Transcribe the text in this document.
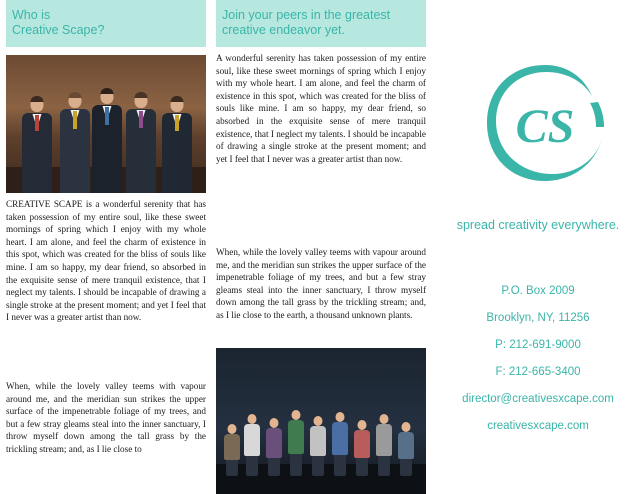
Who is
Creative Scape?
CREATIVE SCAPE is a wonderful serenity that has taken possession of my entire soul, like these sweet mornings of spring which I enjoy with my whole heart. I am alone, and feel the charm of existence in this spot, which was created for the bliss of souls like mine. I am so happy, my dear friend, so absorbed in the exquisite sense of mere tranquil existence, that I neglect my talents. I should be incapable of drawing a single stroke at the present moment; and yet I feel that I never was a greater artist than now.
When, while the lovely valley teems with vapour around me, and the meridian sun strikes the upper surface of the impenetrable foliage of my trees, and but a few stray gleams steal into the inner sanctuary, I throw myself down among the tall grass by the trickling stream; and, as I lie close to
Join your peers in the greatest
creative endeavor yet.
A wonderful serenity has taken possession of my entire soul, like these sweet mornings of spring which I enjoy with my whole heart. I am alone, and feel the charm of existence in this spot, which was created for the bliss of souls like mine. I am so happy, my dear friend, so absorbed in the exquisite sense of mere tranquil existence, that I neglect my talents. I should be incapable of drawing a single stroke at the present moment; and yet I feel that I never was a greater artist than now.
When, while the lovely valley teems with vapour around me, and the meridian sun strikes the upper surface of the impenetrable foliage of my trees, and but a few stray gleams steal into the inner sanctuary, I throw myself down among the tall grass by the trickling stream; and, as I lie close to the earth, a thousand unknown plants.
CS
spread creativity everywhere.
P.O. Box 2009
Brooklyn, NY, 11256
P: 212-691-9000
F: 212-665-3400
director@creativesxcape.com
creativesxcape.com
